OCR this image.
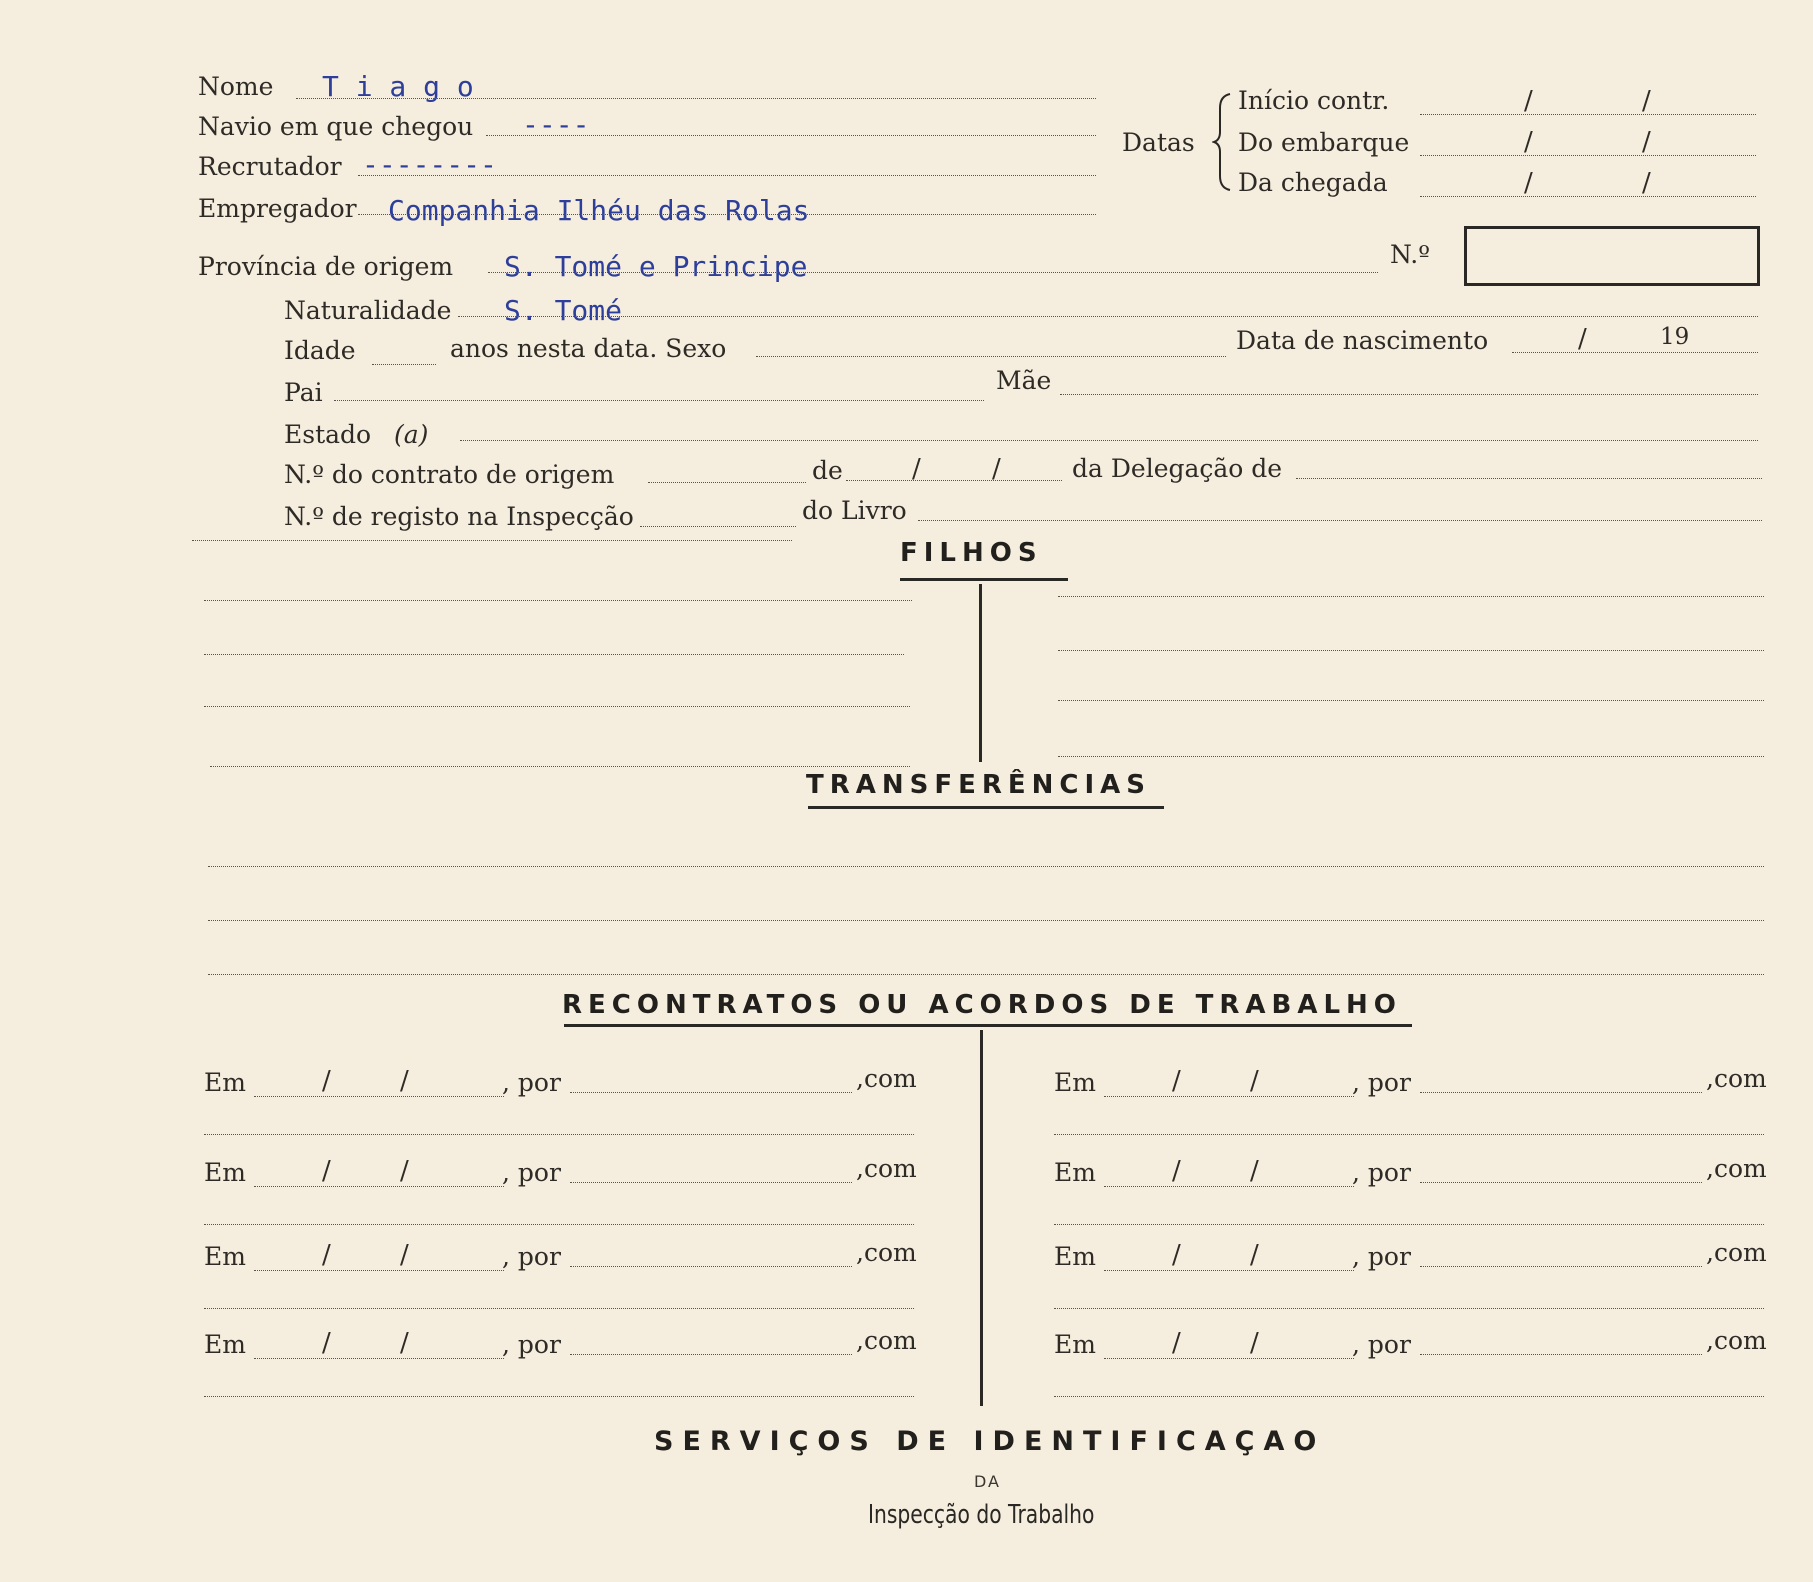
Nome T i a g o
Navio em que chegou ----
Recrutador --------
Empregador Companhia Ilhéu das Rolas
Datas
Início contr.	/	/
Do embarque	/	/
Da chegada	/	/
Província de origem S. Tomé e Principe	N.º
Naturalidade S. Tomé
Idade	anos nesta data. Sexo	Data de nascimento	/	19
Pai	Mãe
Estado (a)
N.º do contrato de origem	de	/	/	da Delegação de
N.º de registo na Inspecção	do Livro
FILHOS
TRANSFERÊNCIAS
RECONTRATOS OU ACORDOS DE TRABALHO
Em	/	/	, por	,com
Em	/	/	, por	,com
Em	/	/	, por	,com
Em	/	/	, por	,com
Em	/	/	, por	,com
Em	/	/	, por	,com
Em	/	/	, por	,com
Em	/	/	, por	,com
SERVIÇOS DE IDENTIFICAÇAO
DA
Inspecção do Trabalho
